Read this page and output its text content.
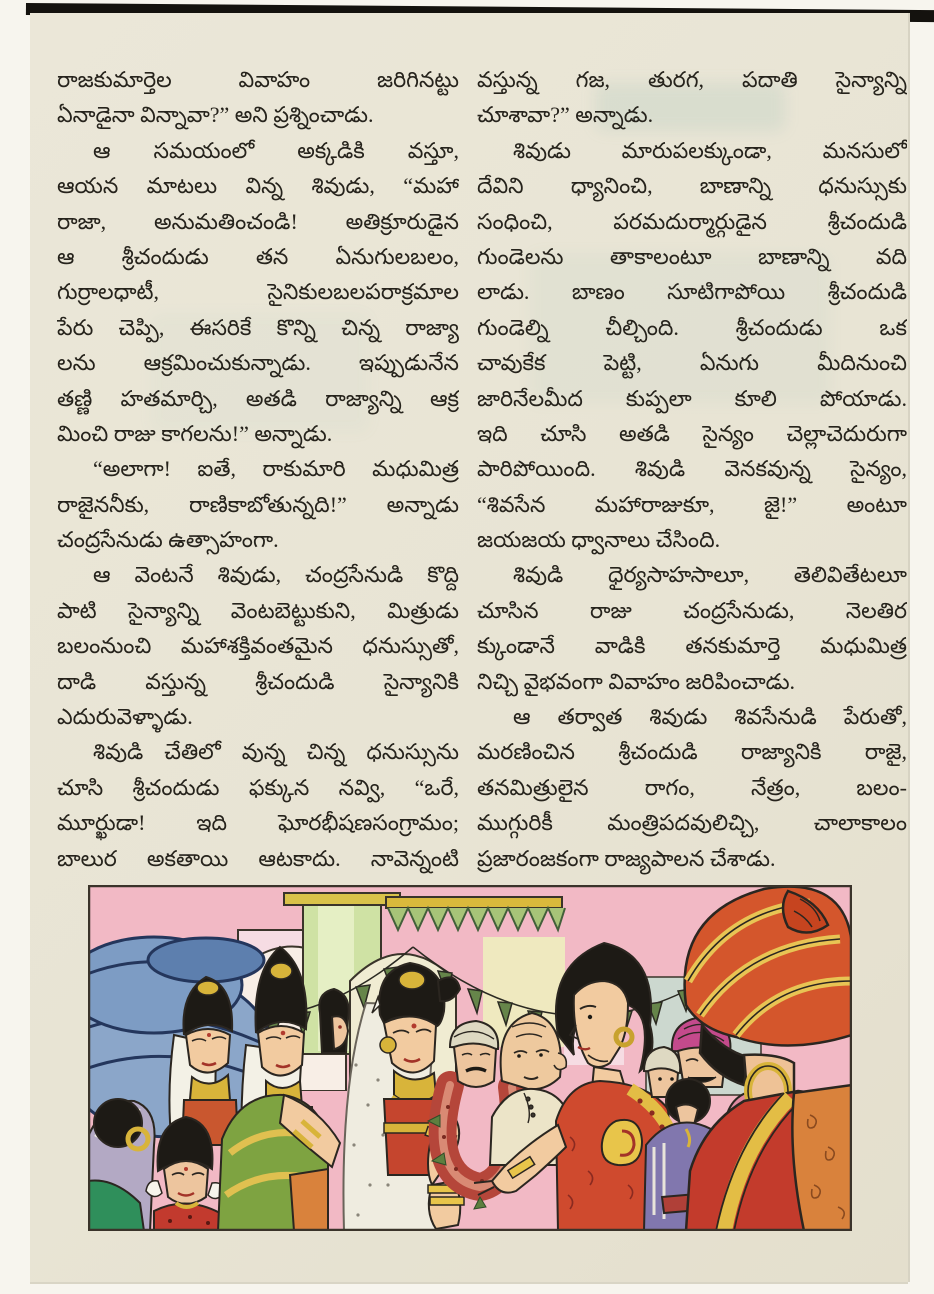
రాజకుమార్తెల వివాహం జరిగినట్టు
ఏనాడైనా విన్నావా?” అని ప్రశ్నించాడు.
ఆ సమయంలో అక్కడికి వస్తూ,
ఆయన మాటలు విన్న శివుడు, “మహా
రాజా, అనుమతించండి! అతిక్రూరుడైన
ఆ శ్రీచందుడు తన ఏనుగులబలం,
గుర్రాలధాటీ, సైనికులబలపరాక్రమాల
పేరు చెప్పి, ఈసరికే కొన్ని చిన్న రాజ్యా
లను ఆక్రమించుకున్నాడు. ఇప్పుడునేన
తణ్ణి హతమార్చి, అతడి రాజ్యాన్ని ఆక్ర
మించి రాజు కాగలను!” అన్నాడు.
“అలాగా! ఐతే, రాకుమారి మధుమిత్ర
రాజైననీకు, రాణికాబోతున్నది!” అన్నాడు
చంద్రసేనుడు ఉత్సాహంగా.
ఆ వెంటనే శివుడు, చంద్రసేనుడి కొద్ది
పాటి సైన్యాన్ని వెంటబెట్టుకుని, మిత్రుడు
బలంనుంచి మహాశక్తివంతమైన ధనుస్సుతో,
దాడి వస్తున్న శ్రీచందుడి సైన్యానికి
ఎదురువెళ్ళాడు.
శివుడి చేతిలో వున్న చిన్న ధనుస్సును
చూసి శ్రీచందుడు ఫక్కున నవ్వి, “ఒరే,
మూర్ఖుడా! ఇది ఘోరభీషణసంగ్రామం;
బాలుర అకతాయి ఆటకాదు. నావెన్నంటి
వస్తున్న గజ, తురగ, పదాతి సైన్యాన్ని
చూశావా?” అన్నాడు.
శివుడు మారుపలక్కుండా, మనసులో
దేవిని ధ్యానించి, బాణాన్ని ధనుస్సుకు
సంధించి, పరమదుర్మార్గుడైన శ్రీచందుడి
గుండెలను తాకాలంటూ బాణాన్ని వది
లాడు. బాణం సూటిగాపోయి శ్రీచందుడి
గుండెల్ని చీల్చింది. శ్రీచందుడు ఒక
చావుకేక పెట్టి, ఏనుగు మీదినుంచి
జారినేలమీద కుప్పలా కూలి పోయాడు.
ఇది చూసి అతడి సైన్యం చెల్లాచెదురుగా
పారిపోయింది. శివుడి వెనకవున్న సైన్యం,
“శివసేన మహారాజుకూ, జై!” అంటూ
జయజయ ధ్వానాలు చేసింది.
శివుడి ధైర్యసాహసాలూ, తెలివితేటలూ
చూసిన రాజు చంద్రసేనుడు, నెలతిర
క్కుండానే వాడికి తనకుమార్తె మధుమిత్ర
నిచ్చి వైభవంగా వివాహం జరిపించాడు.
ఆ తర్వాత శివుడు శివసేనుడి పేరుతో,
మరణించిన శ్రీచందుడి రాజ్యానికి రాజై,
తనమిత్రులైన రాగం, నేత్రం, బలం-
ముగ్గురికీ మంత్రిపదవులిచ్చి, చాలాకాలం
ప్రజారంజకంగా రాజ్యపాలన చేశాడు.
